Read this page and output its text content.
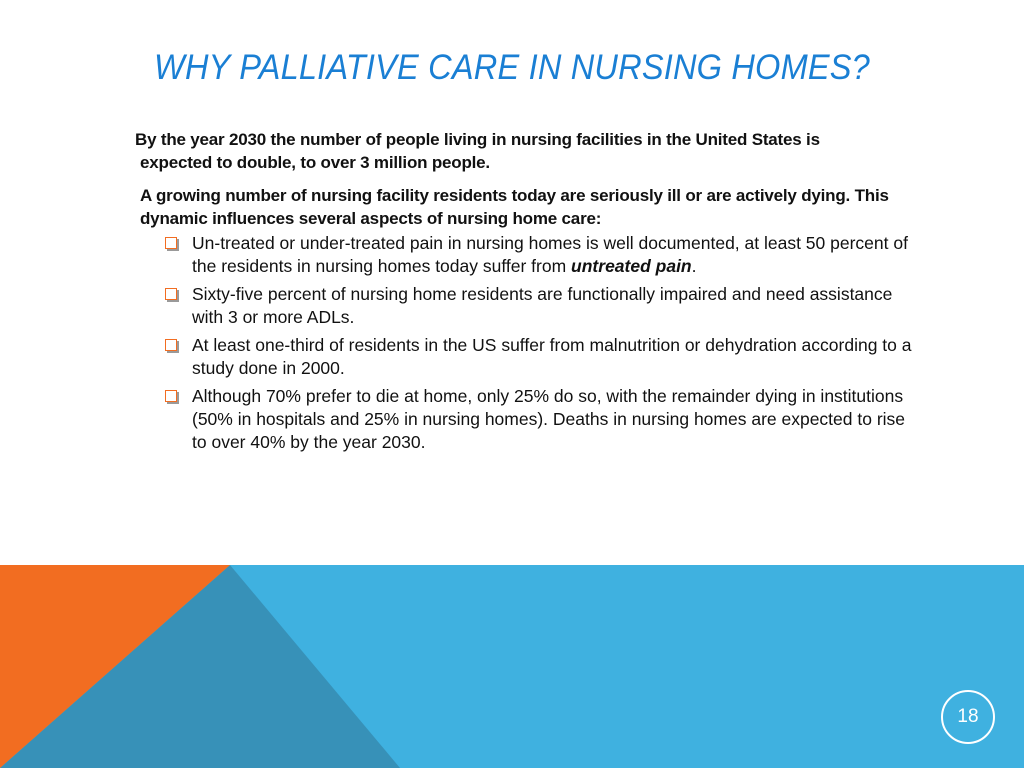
WHY PALLIATIVE CARE IN NURSING HOMES?

By the year 2030 the number of people living in nursing facilities in the United States is
expected to double, to over 3 million people.

A growing number of nursing facility residents today are seriously ill or are actively dying. This dynamic influences several aspects of nursing home care:

Un-treated or under-treated pain in nursing homes is well documented, at least 50 percent of the residents in nursing homes today suffer from untreated pain.
Sixty-five percent of nursing home residents are functionally impaired and need assistance with 3 or more ADLs.
At least one-third of residents in the US suffer from malnutrition or dehydration according to a study done in 2000.
Although 70% prefer to die at home, only 25% do so, with the remainder dying in institutions (50% in hospitals and 25% in nursing homes). Deaths in nursing homes are expected to rise to over 40% by the year 2030.
18
